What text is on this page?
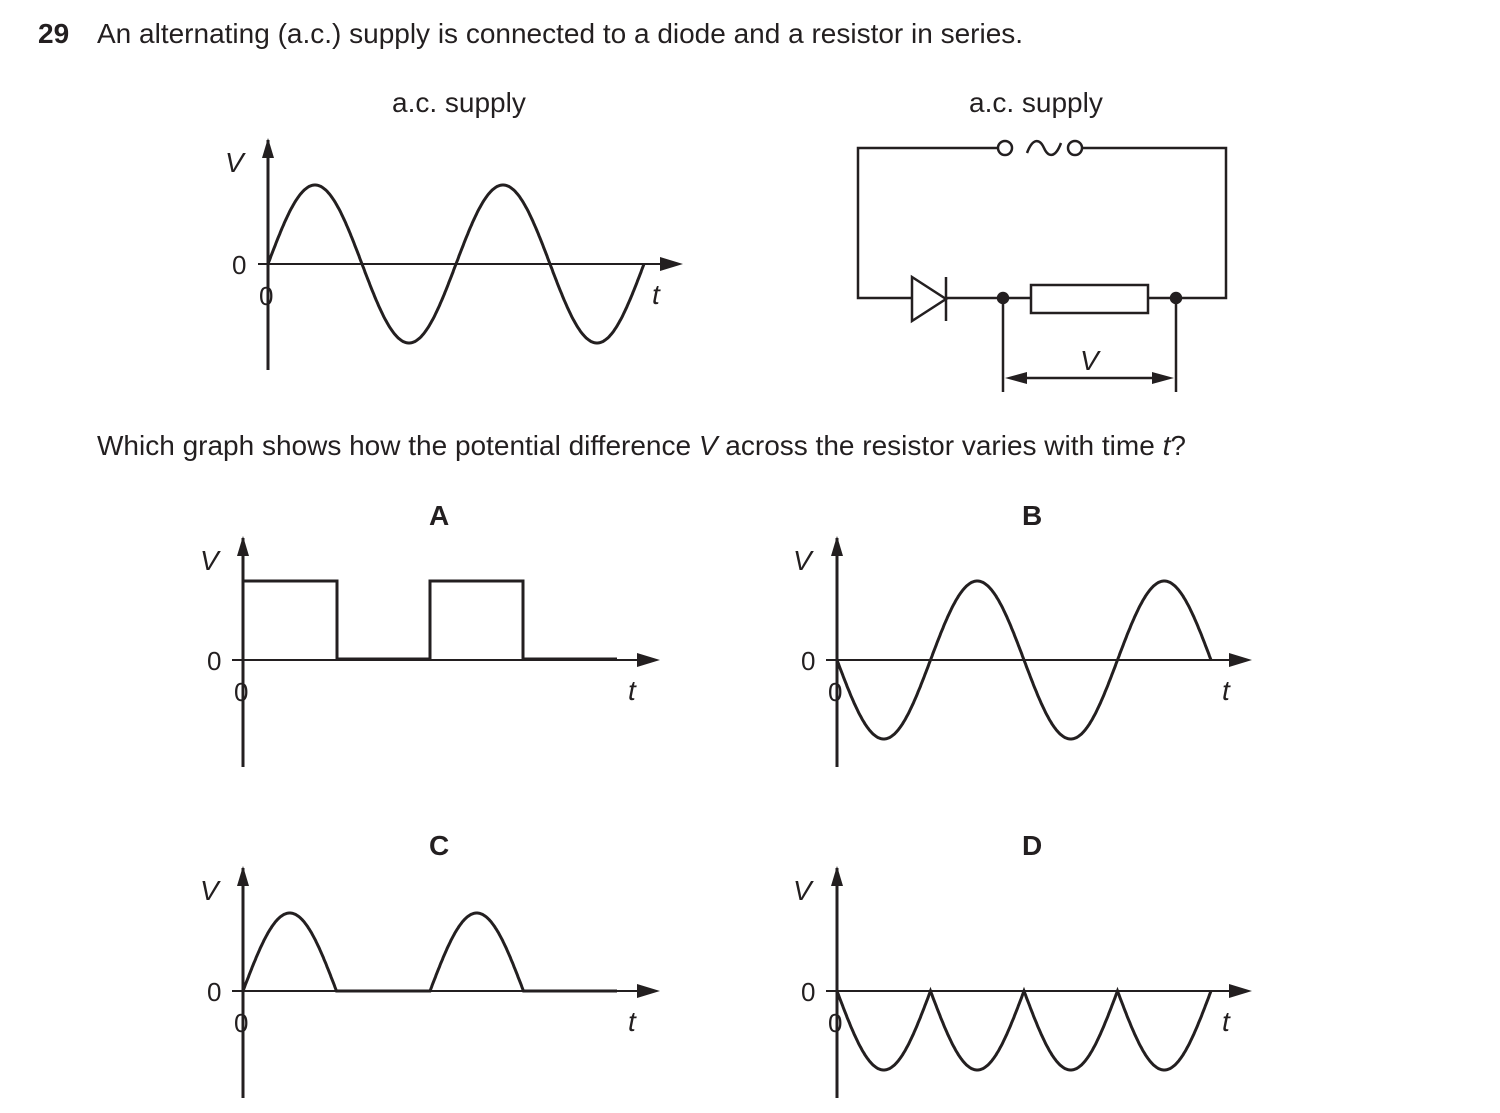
29 An alternating (a.c.) supply is connected to a diode and a resistor in series.
a.c. supply	a.c. supply
Which graph shows how the potential difference V across the resistor varies with time t?
A	B
C	D
V
0
0	t
V
V
0
0	t
V
0
0	t
V
0
0	t
V
0
0	t
